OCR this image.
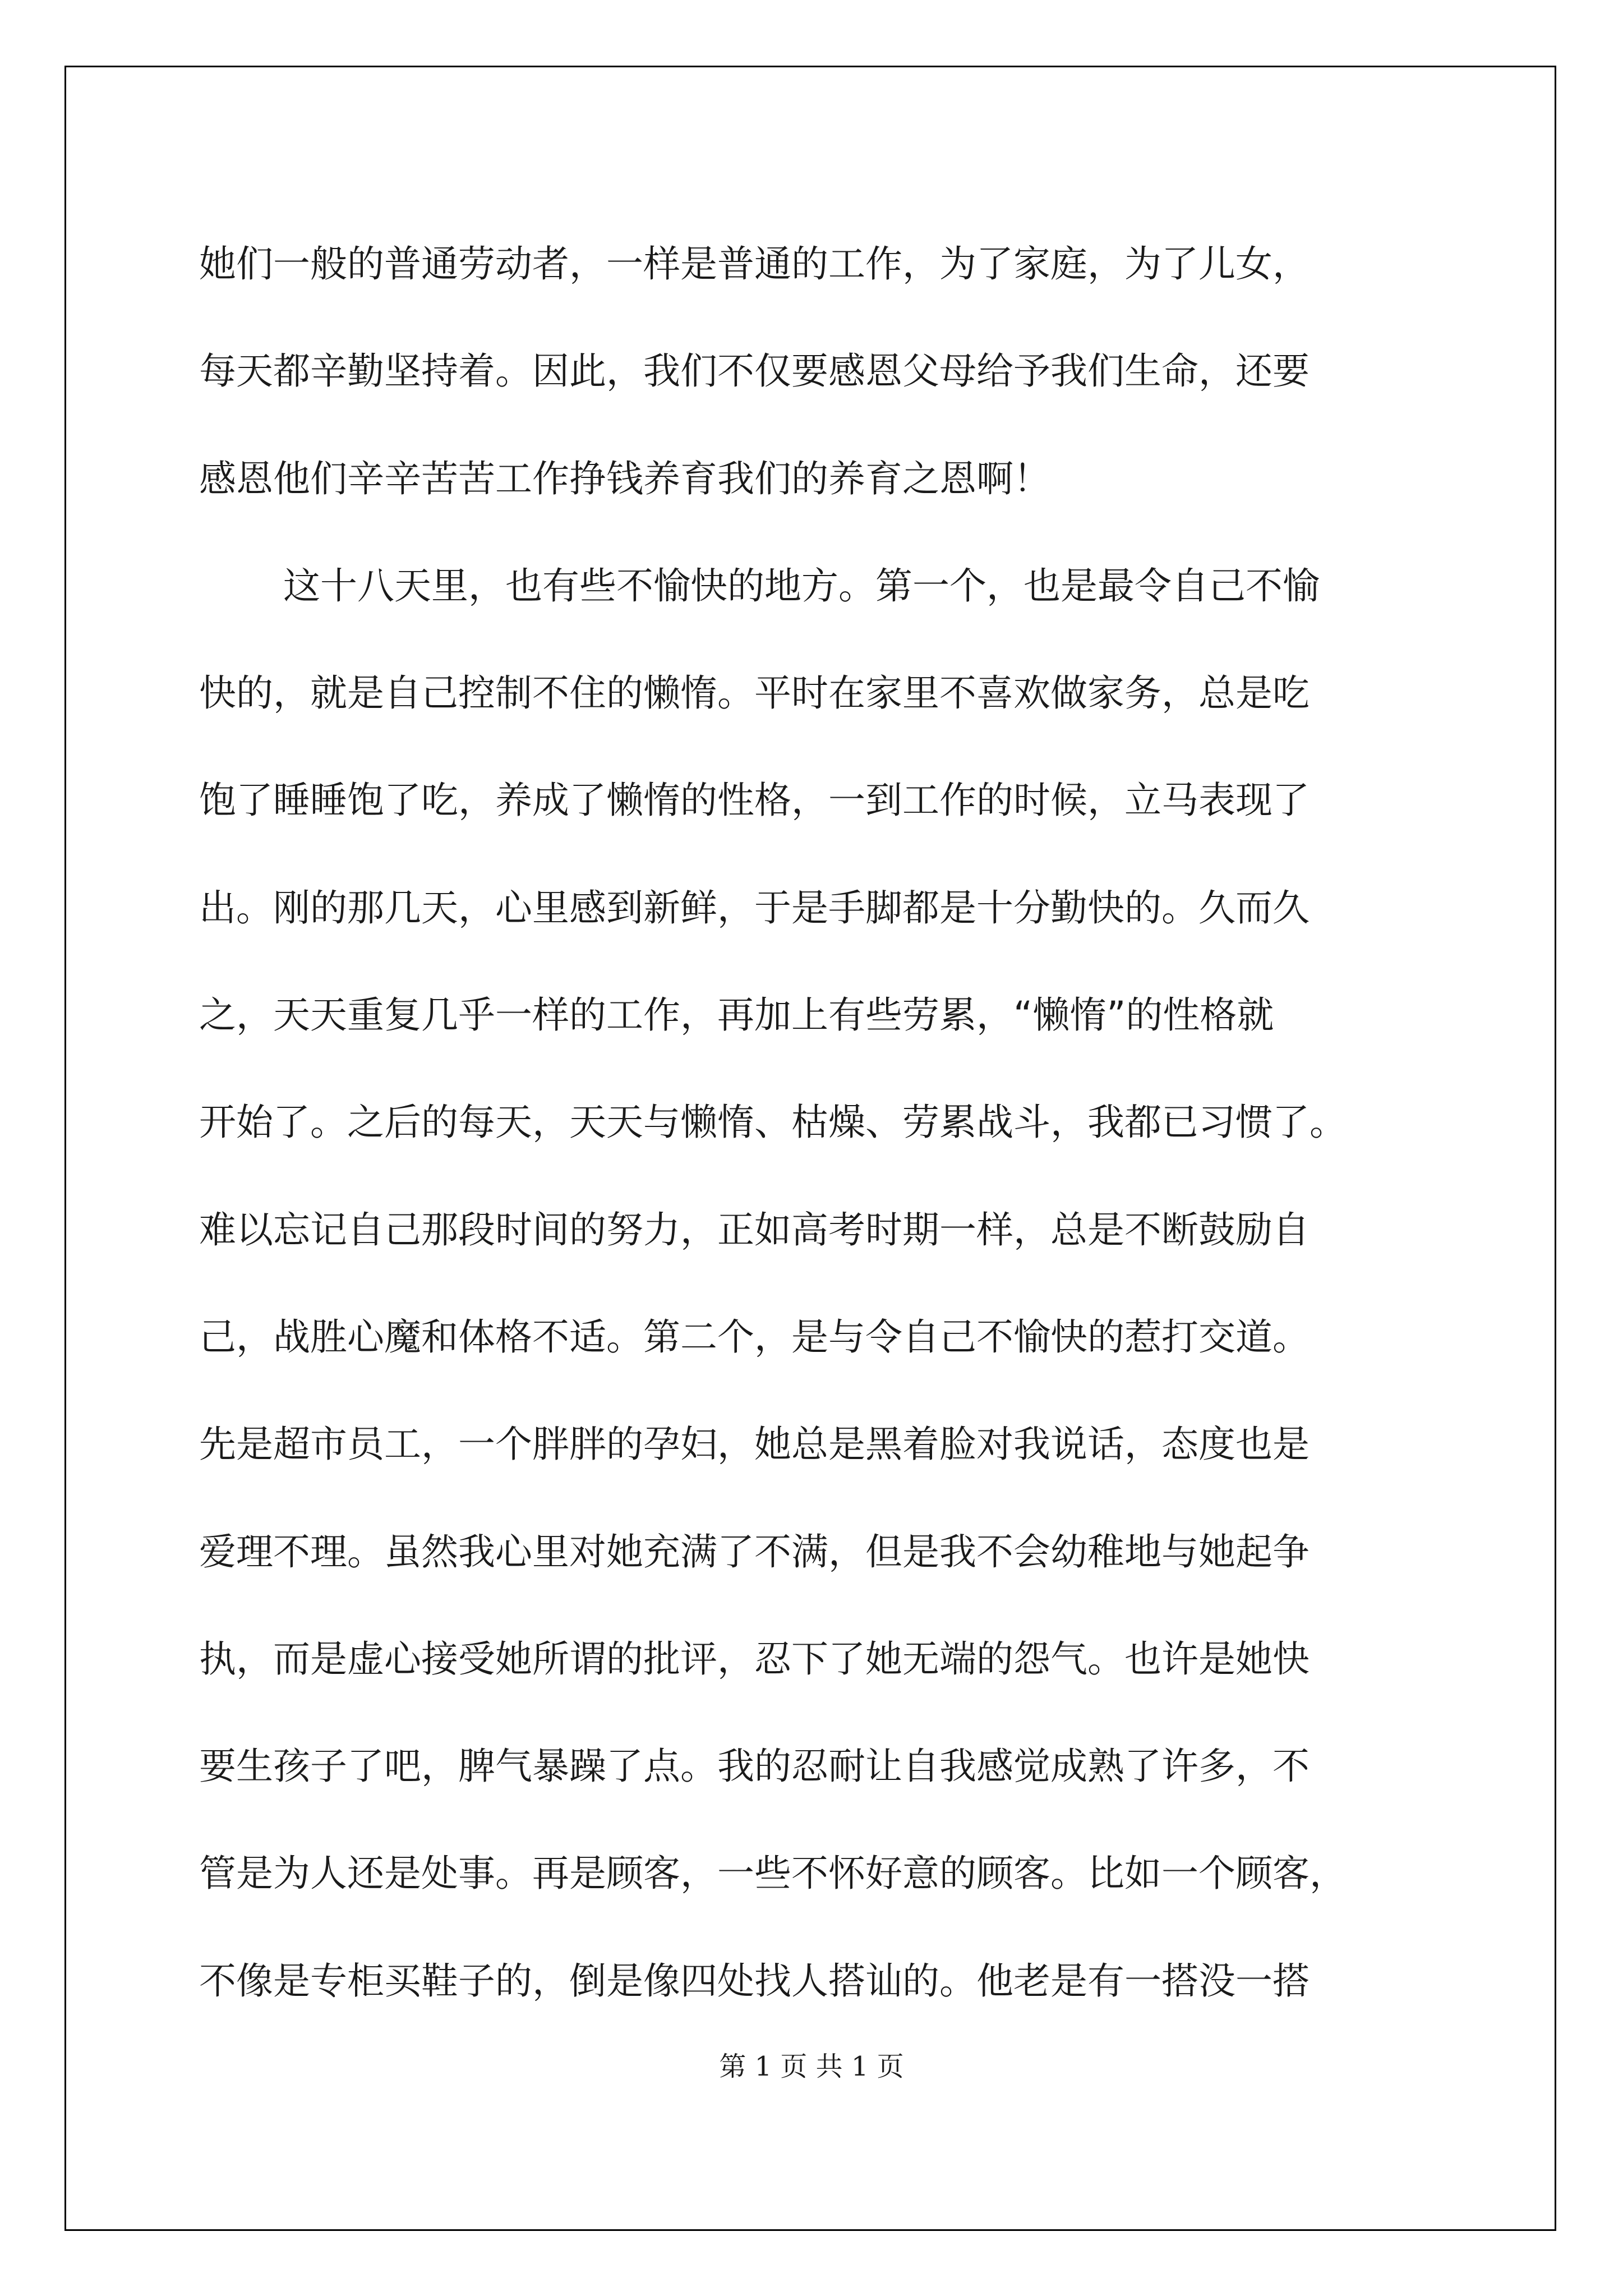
她们一般的普通劳动者，一样是普通的工作，为了家庭，为了儿女，
每天都辛勤坚持着。因此，我们不仅要感恩父母给予我们生命，还要
感恩他们辛辛苦苦工作挣钱养育我们的养育之恩啊！
这十八天里，也有些不愉快的地方。第一个，也是最令自己不愉
快的，就是自己控制不住的懒惰。平时在家里不喜欢做家务，总是吃
饱了睡睡饱了吃，养成了懒惰的性格，一到工作的时候，立马表现了
出。刚的那几天，心里感到新鲜，于是手脚都是十分勤快的。久而久
之，天天重复几乎一样的工作，再加上有些劳累，“懒惰”的性格就
开始了。之后的每天，天天与懒惰、枯燥、劳累战斗，我都已习惯了。
难以忘记自己那段时间的努力，正如高考时期一样，总是不断鼓励自
己，战胜心魔和体格不适。第二个，是与令自己不愉快的惹打交道。
先是超市员工，一个胖胖的孕妇，她总是黑着脸对我说话，态度也是
爱理不理。虽然我心里对她充满了不满，但是我不会幼稚地与她起争
执，而是虚心接受她所谓的批评，忍下了她无端的怨气。也许是她快
要生孩子了吧，脾气暴躁了点。我的忍耐让自我感觉成熟了许多，不
管是为人还是处事。再是顾客，一些不怀好意的顾客。比如一个顾客，
不像是专柜买鞋子的，倒是像四处找人搭讪的。他老是有一搭没一搭
第 1 页 共 1 页
